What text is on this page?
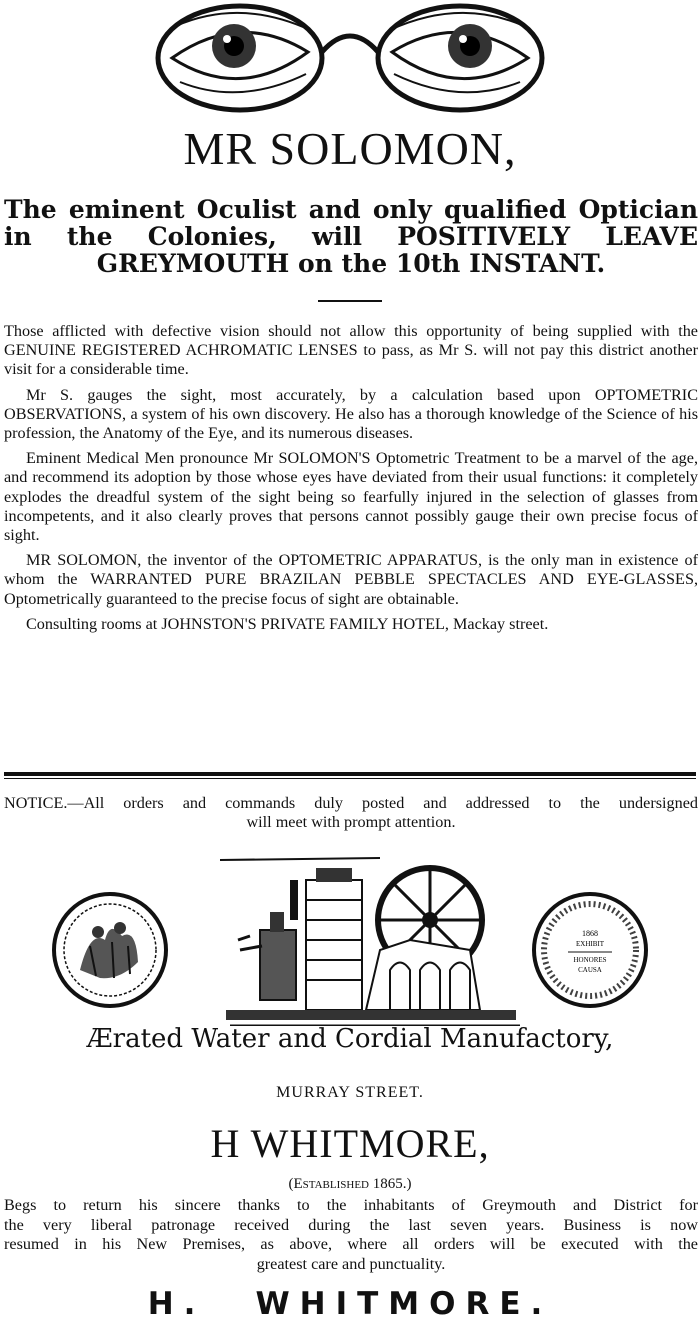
MR SOLOMON,
The eminent Oculist and only qualified Optician
in the Colonies, will POSITIVELY LEAVE
GREYMOUTH on the 10th INSTANT.

Those afflicted with defective vision should not allow this opportunity of being supplied with the GENUINE REGISTERED ACHROMATIC LENSES to pass, as Mr S. will not pay this district another visit for a considerable time.

Mr S. gauges the sight, most accurately, by a calculation based upon OPTOMETRIC OBSERVATIONS, a system of his own discovery. He also has a thorough knowledge of the Science of his profession, the Anatomy of the Eye, and its numerous diseases.

Eminent Medical Men pronounce Mr SOLOMON'S Optometric Treatment to be a marvel of the age, and recommend its adoption by those whose eyes have deviated from their usual functions: it completely explodes the dreadful system of the sight being so fearfully injured in the selection of glasses from incompetents, and it also clearly proves that persons cannot possibly gauge their own precise focus of sight.

MR SOLOMON, the inventor of the OPTOMETRIC APPARATUS, is the only man in existence of whom the WARRANTED PURE BRAZILAN PEBBLE SPECTACLES AND EYE-GLASSES, Optometrically guaranteed to the precise focus of sight are obtainable.

Consulting rooms at JOHNSTON'S PRIVATE FAMILY HOTEL, Mackay street.

NOTICE.—All orders and commands duly posted and addressed to the undersigned
will meet with prompt attention.
1868
EXHIBIT
HONORES
CAUSA
Ærated Water and Cordial Manufactory,
MURRAY STREET.
H WHITMORE,
(Established 1865.)
Begs to return his sincere thanks to the inhabitants of Greymouth and District for
the very liberal patronage received during the last seven years. Business is now
resumed in his New Premises, as above, where all orders will be executed with the
greatest care and punctuality.
H. WHITMORE.
